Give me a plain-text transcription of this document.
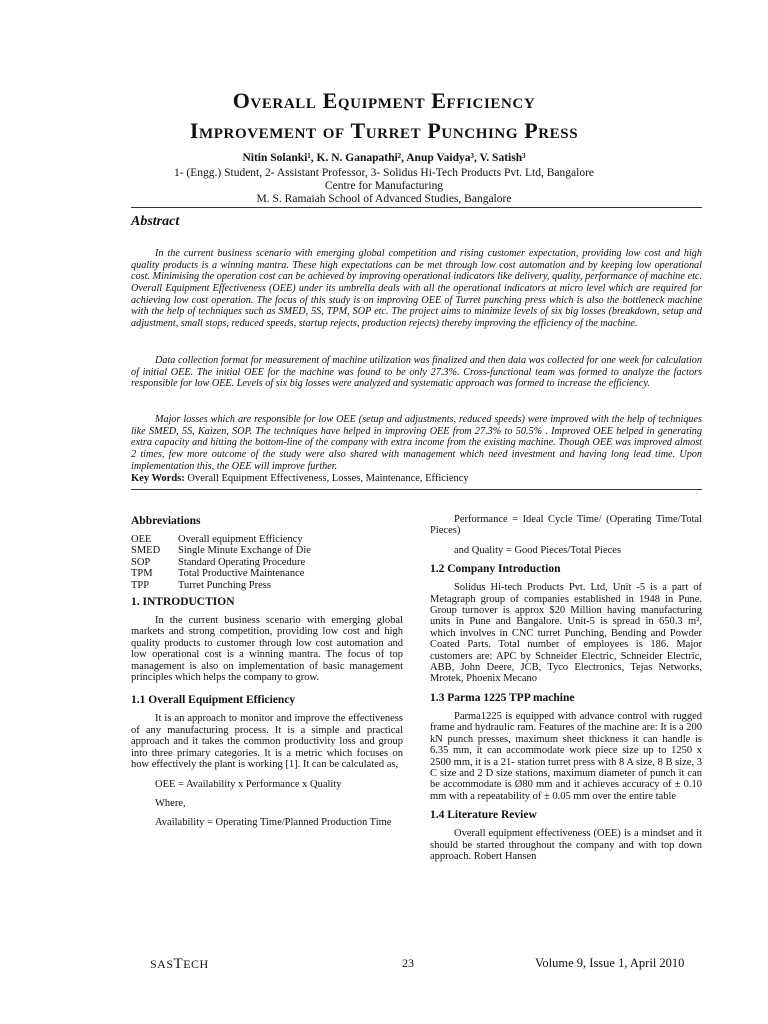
Overall Equipment Efficiency
Improvement of Turret Punching Press
Nitin Solanki¹, K. N. Ganapathi², Anup Vaidya³, V. Satish³
1- (Engg.) Student, 2- Assistant Professor, 3- Solidus Hi-Tech Products Pvt. Ltd, Bangalore
Centre for Manufacturing
M. S. Ramaiah School of Advanced Studies, Bangalore
Abstract

In the current business scenario with emerging global competition and rising customer expectation, providing low cost and high quality products is a winning mantra. These high expectations can be met through low cost automation and by keeping low operational cost. Minimising the operation cost can be achieved by improving operational indicators like delivery, quality, performance of machine etc. Overall Equipment Effectiveness (OEE) under its umbrella deals with all the operational indicators at micro level which are required for achieving low cost operation. The focus of this study is on improving OEE of Turret punching press which is also the bottleneck machine with the help of techniques such as SMED, 5S, TPM, SOP etc. The project aims to minimize levels of six big losses (breakdown, setup and adjustment, small stops, reduced speeds, startup rejects, production rejects) thereby improving the efficiency of the machine.

Data collection format for measurement of machine utilization was finalized and then data was collected for one week for calculation of initial OEE. The initial OEE for the machine was found to be only 27.3%. Cross-functional team was formed to analyze the factors responsible for low OEE. Levels of six big losses were analyzed and systematic approach was formed to increase the efficiency.

Major losses which are responsible for low OEE (setup and adjustments, reduced speeds) were improved with the help of techniques like SMED, 5S, Kaizen, SOP. The techniques have helped in improving OEE from 27.3% to 50.5% . Improved OEE helped in generating extra capacity and hitting the bottom-line of the company with extra income from the existing machine. Though OEE was improved almost 2 times, few more outcome of the study were also shared with management which need investment and having long lead time. Upon implementation this, the OEE will improve further.

Key Words: Overall Equipment Effectiveness, Losses, Maintenance, Efficiency
Abbreviations
OEE	Overall equipment Efficiency
SMED	Single Minute Exchange of Die
SOP	Standard Operating Procedure
TPM	Total Productive Maintenance
TPP	Turret Punching Press
1. INTRODUCTION

In the current business scenario with emerging global markets and strong competition, providing low cost and high quality products to customer through low cost automation and low operational cost is a winning mantra. The focus of top management is also on implementation of basic management principles which helps the company to grow.

1.1 Overall Equipment Efficiency

It is an approach to monitor and improve the effectiveness of any manufacturing process. It is a simple and practical approach and it takes the common productivity loss and group into three primary categories. It is a metric which focuses on how effectively the plant is working [1]. It can be calculated as,

OEE = Availability x Performance x Quality

Where,

Availability = Operating Time/Planned Production Time

Performance = Ideal Cycle Time/ (Operating Time/Total Pieces)

and Quality = Good Pieces/Total Pieces

1.2 Company Introduction

Solidus Hi-tech Products Pvt. Ltd, Unit -5 is a part of Metagraph group of companies established in 1948 in Pune. Group turnover is approx $20 Million having manufacturing units in Pune and Bangalore. Unit-5 is spread in 650.3 m², which involves in CNC turret Punching, Bending and Powder Coated Parts. Total number of employees is 186. Major customers are: APC by Schneider Electric, Schneider Electric, ABB, John Deere, JCB, Tyco Electronics, Tejas Networks, Mrotek, Phoenix Mecano

1.3 Parma 1225 TPP machine

Parma1225 is equipped with advance control with rugged frame and hydraulic ram. Features of the machine are: It is a 200 kN punch presses, maximum sheet thickness it can handle is 6.35 mm, it can accommodate work piece size up to 1250 x 2500 mm, it is a 21- station turret press with 8 A size, 8 B size, 3 C size and 2 D size stations, maximum diameter of punch it can be accommodate is Ø80 mm and it achieves accuracy of ± 0.10 mm with a repeatability of ± 0.05 mm over the entire table

1.4 Literature Review

Overall equipment effectiveness (OEE) is a mindset and it should be started throughout the company and with top down approach. Robert Hansen

SASTECH	23	Volume 9, Issue 1, April 2010
